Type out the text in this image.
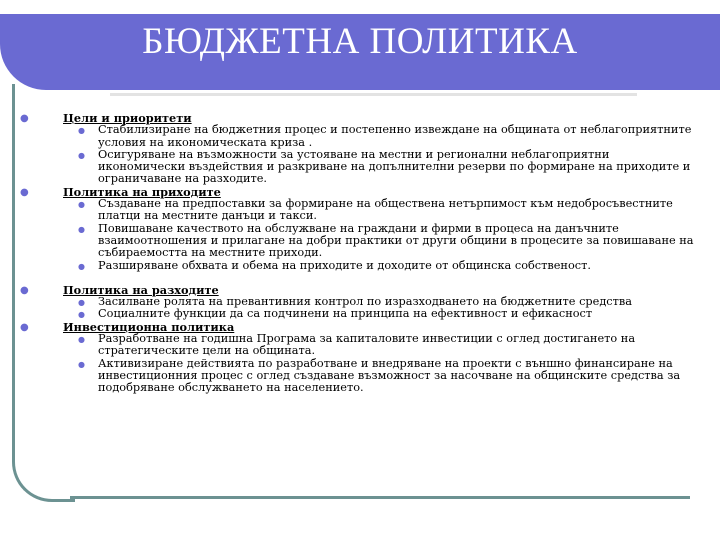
БЮДЖЕТНА ПОЛИТИКА
●	Цели и приоритети
● Стабилизиране на бюджетния процес и постепенно извеждане на общината от неблагоприятните условия на икономическата криза .
● Осигуряване на възможности за устояване на местни и регионални неблагоприятни икономически въздействия и разкриване на допълнителни резерви по формиране на приходите и ограничаване на разходите.
●	Политика на приходите
● Създаване на предпоставки за формиране на обществена нетърпимост към недобросъвестните платци на местните данъци и такси.
● Повишаване качеството на обслужване на граждани и фирми в процеса на данъчните взаимоотношения и прилагане на добри практики от други общини в процесите за повишаване на събираемостта на местните приходи.
● Разширяване обхвата и обема на приходите и доходите от общинска собственост.
●	Политика на разходите
● Засилване ролята на превантивния контрол по изразходването на бюджетните средства
● Социалните функции да са подчинени на принципа на ефективност и ефикасност
●	Инвестиционна политика
● Разработване на годишна Програма за капиталовите инвестиции с оглед достигането на стратегическите цели на общината.
● Активизиране действията по разработване и внедряване на проекти с външно финансиране на инвестиционния процес с оглед създаване възможност за насочване на общинските средства за подобряване обслужването на населението.
